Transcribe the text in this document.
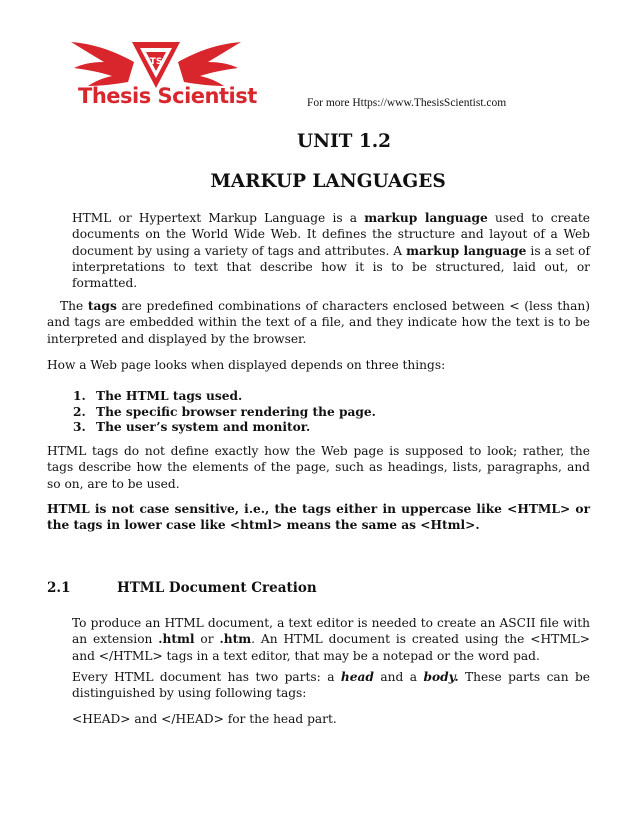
TS
Thesis Scientist	For more Https://www.ThesisScientist.com
UNIT 1.2
MARKUP LANGUAGES

HTML or Hypertext Markup Language is a markup language used to create documents on the World Wide Web. It defines the structure and layout of a Web document by using a variety of tags and attributes. A markup language is a set of interpretations to text that describe how it is to be structured, laid out, or formatted.

The tags are predefined combinations of characters enclosed between < (less than) and tags are embedded within the text of a file, and they indicate how the text is to be interpreted and displayed by the browser.

How a Web page looks when displayed depends on three things:

1. The HTML tags used.
2. The specific browser rendering the page.
3. The user’s system and monitor.

HTML tags do not define exactly how the Web page is supposed to look; rather, the tags describe how the elements of the page, such as headings, lists, paragraphs, and so on, are to be used.

HTML is not case sensitive, i.e., the tags either in uppercase like <HTML> or the tags in lower case like <html> means the same as <Html>.

2.1	HTML Document Creation

To produce an HTML document, a text editor is needed to create an ASCII file with an extension .html or .htm. An HTML document is created using the <HTML> and </HTML> tags in a text editor, that may be a notepad or the word pad.

Every HTML document has two parts: a head and a body. These parts can be distinguished by using following tags:

<HEAD> and </HEAD> for the head part.
